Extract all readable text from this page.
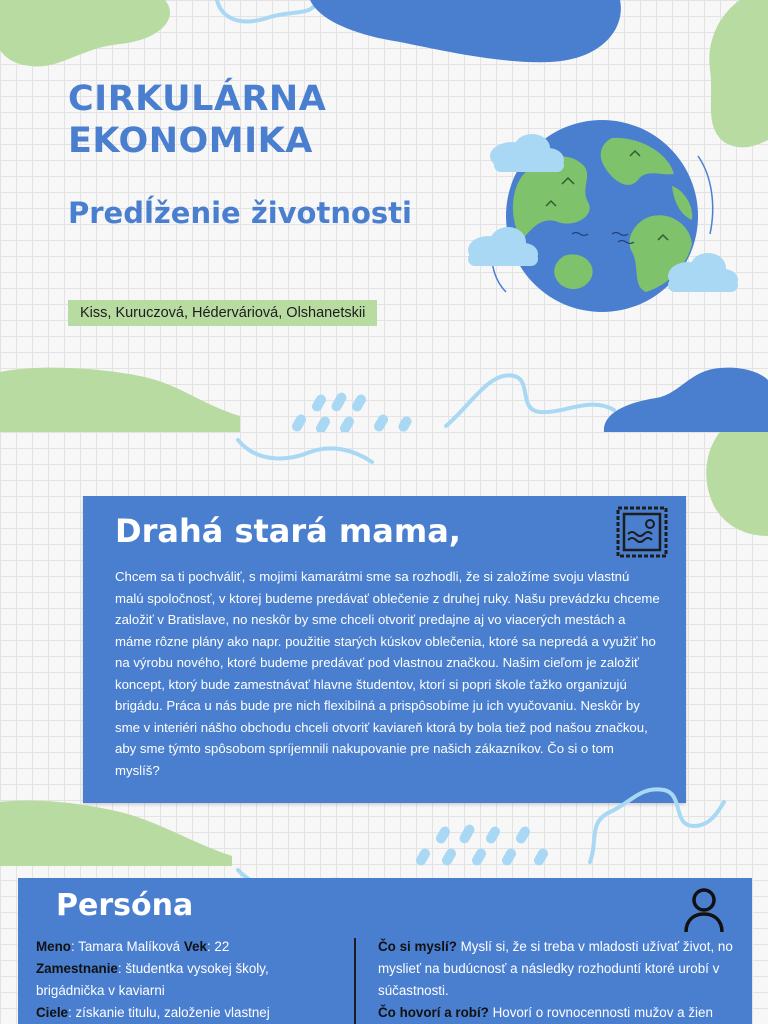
CIRKULÁRNA
EKONOMIKA
Predĺženie životnosti
Kiss, Kuruczová, Héderváriová, Olshanetskii
Drahá stará mama,

Chcem sa ti pochváliť, s mojimi kamarátmi sme sa rozhodli, že si založíme svoju vlastnú malú spoločnosť, v ktorej budeme predávať oblečenie z druhej ruky. Našu prevádzku chceme založiť v Bratislave, no neskôr by sme chceli otvoriť predajne aj vo viacerých mestách a máme rôzne plány ako napr. použitie starých kúskov oblečenia, ktoré sa nepredá a využiť ho na výrobu nového, ktoré budeme predávať pod vlastnou značkou. Našim cieľom je založiť koncept, ktorý bude zamestnávať hlavne študentov, ktorí si popri škole ťažko organizujú brigádu. Práca u nás bude pre nich flexibilná a prispôsobíme ju ich vyučovaniu. Neskôr by sme v interiéri nášho obchodu chceli otvoriť kaviareň ktorá by bola tiež pod našou značkou, aby sme týmto spôsobom spríjemnili nakupovanie pre našich zákazníkov. Čo si o tom myslíš?

Persóna

Meno: Tamara Malíková Vek: 22
Zamestnanie: študentka vysokej školy, brigádnička v kaviarni
Ciele: získanie titulu, založenie vlastnej

Čo si myslí? Myslí si, že si treba v mladosti užívať život, no myslieť na budúcnosť a následky rozhoduntí ktoré urobí v súčastnosti.
Čo hovorí a robí? Hovorí o rovnocennosti mužov a žien
